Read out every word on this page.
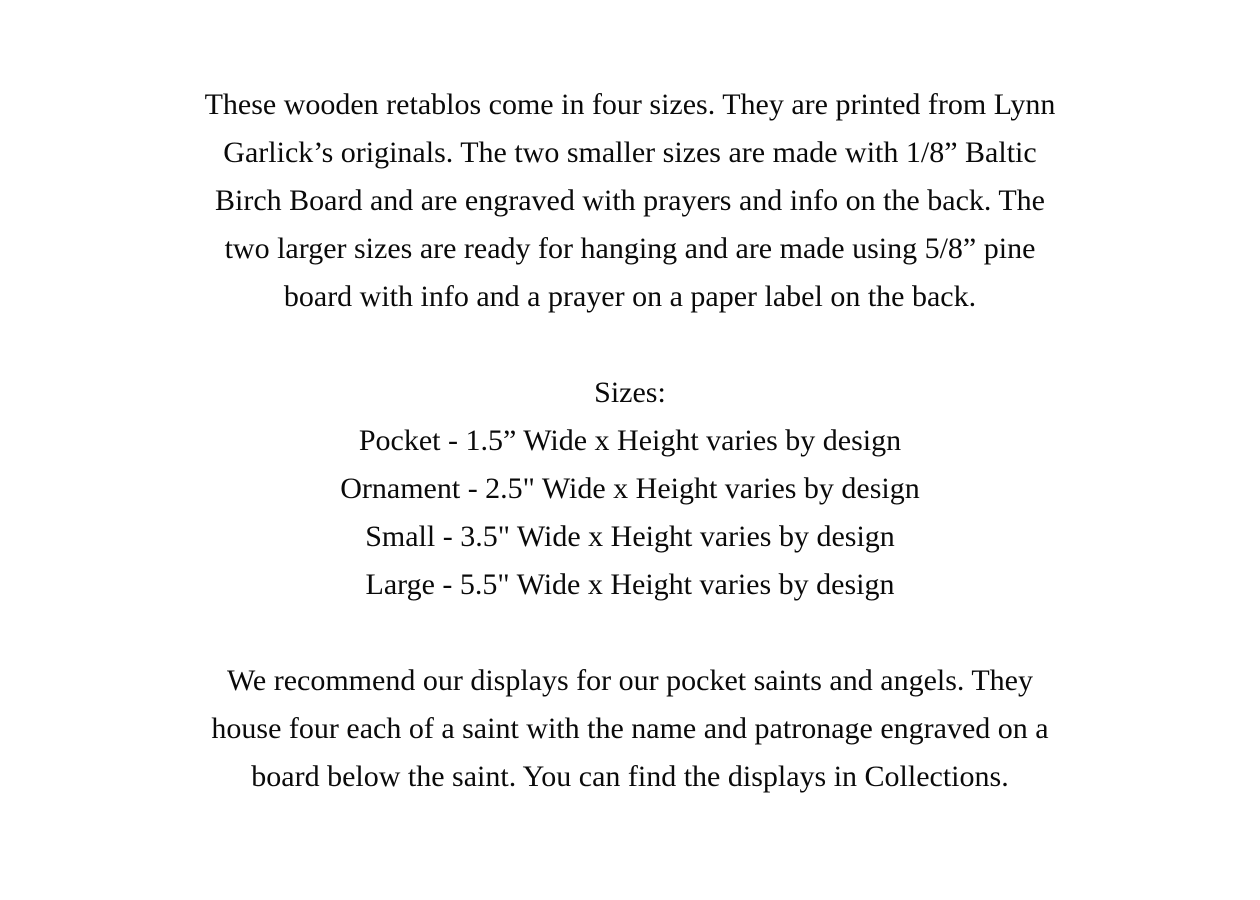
These wooden retablos come in four sizes. They are printed from Lynn
Garlick’s originals. The two smaller sizes are made with 1/8” Baltic
Birch Board and are engraved with prayers and info on the back. The
two larger sizes are ready for hanging and are made using 5/8” pine
board with info and a prayer on a paper label on the back.
Sizes:
Pocket - 1.5” Wide x Height varies by design
Ornament - 2.5" Wide x Height varies by design
Small - 3.5" Wide x Height varies by design
Large - 5.5" Wide x Height varies by design
We recommend our displays for our pocket saints and angels. They
house four each of a saint with the name and patronage engraved on a
board below the saint. You can find the displays in Collections.
